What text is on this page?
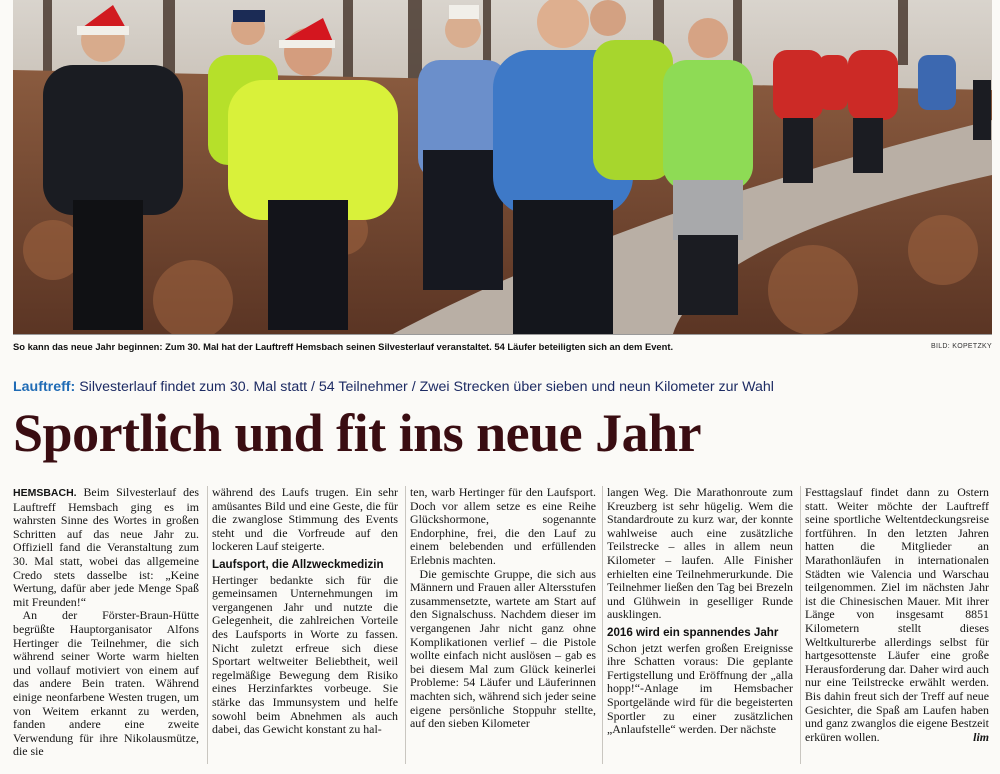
So kann das neue Jahr beginnen: Zum 30. Mal hat der Lauftreff Hemsbach seinen Silvesterlauf veranstaltet. 54 Läufer beteiligten sich an dem Event.	BILD: KOPETZKY
Lauftreff: Silvesterlauf findet zum 30. Mal statt / 54 Teilnehmer / Zwei Strecken über sieben und neun Kilometer zur Wahl
Sportlich und fit ins neue Jahr

HEMSBACH. Beim Silvesterlauf des Lauftreff Hemsbach ging es im wahrsten Sinne des Wortes in großen Schritten auf das neue Jahr zu. Offiziell fand die Veranstaltung zum 30. Mal statt, wobei das allgemeine Credo stets dasselbe ist: „Keine Wertung, dafür aber jede Menge Spaß mit Freunden!“

An der Förster-Braun-Hütte begrüßte Hauptorganisator Alfons Hertinger die Teilnehmer, die sich während seiner Worte warm hielten und vollauf motiviert von einem auf das andere Bein traten. Während einige neonfarbene Westen trugen, um von Weitem erkannt zu werden, fanden andere eine zweite Verwendung für ihre Nikolausmütze, die sie

während des Laufs trugen. Ein sehr amüsantes Bild und eine Geste, die für die zwanglose Stimmung des Events steht und die Vorfreude auf den lockeren Lauf steigerte.

Laufsport, die Allzweckmedizin

Hertinger bedankte sich für die gemeinsamen Unternehmungen im vergangenen Jahr und nutzte die Gelegenheit, die zahlreichen Vorteile des Laufsports in Worte zu fassen. Nicht zuletzt erfreue sich diese Sportart weltweiter Beliebtheit, weil regelmäßige Bewegung dem Risiko eines Herzinfarktes vorbeuge. Sie stärke das Immunsystem und helfe sowohl beim Abnehmen als auch dabei, das Gewicht konstant zu hal-

ten, warb Hertinger für den Laufsport. Doch vor allem setze es eine Reihe Glückshormone, sogenannte Endorphine, frei, die den Lauf zu einem belebenden und erfüllenden Erlebnis machten.

Die gemischte Gruppe, die sich aus Männern und Frauen aller Altersstufen zusammensetzte, wartete am Start auf den Signalschuss. Nachdem dieser im vergangenen Jahr nicht ganz ohne Komplikationen verlief – die Pistole wollte einfach nicht auslösen – gab es bei diesem Mal zum Glück keinerlei Probleme: 54 Läufer und Läuferinnen machten sich, während sich jeder seine eigene persönliche Stoppuhr stellte, auf den sieben Kilometer

langen Weg. Die Marathonroute zum Kreuzberg ist sehr hügelig. Wem die Standardroute zu kurz war, der konnte wahlweise auch eine zusätzliche Teilstrecke – alles in allem neun Kilometer – laufen. Alle Finisher erhielten eine Teilnehmerurkunde. Die Teilnehmer ließen den Tag bei Brezeln und Glühwein in geselliger Runde ausklingen.

2016 wird ein spannendes Jahr

Schon jetzt werfen großen Ereignisse ihre Schatten voraus: Die geplante Fertigstellung und Eröffnung der „alla hopp!“-Anlage im Hemsbacher Sportgelände wird für die begeisterten Sportler zu einer zusätzlichen „Anlaufstelle“ werden. Der nächste

Festtagslauf findet dann zu Ostern statt. Weiter möchte der Lauftreff seine sportliche Weltentdeckungsreise fortführen. In den letzten Jahren hatten die Mitglieder an Marathonläufen in internationalen Städten wie Valencia und Warschau teilgenommen. Ziel im nächsten Jahr ist die Chinesischen Mauer. Mit ihrer Länge von insgesamt 8851 Kilometern stellt dieses Weltkulturerbe allerdings selbst für hartgesottenste Läufer eine große Herausforderung dar. Daher wird auch nur eine Teilstrecke erwählt werden. Bis dahin freut sich der Treff auf neue Gesichter, die Spaß am Laufen haben und ganz zwanglos die eigene Bestzeit erküren wollen.	lim
